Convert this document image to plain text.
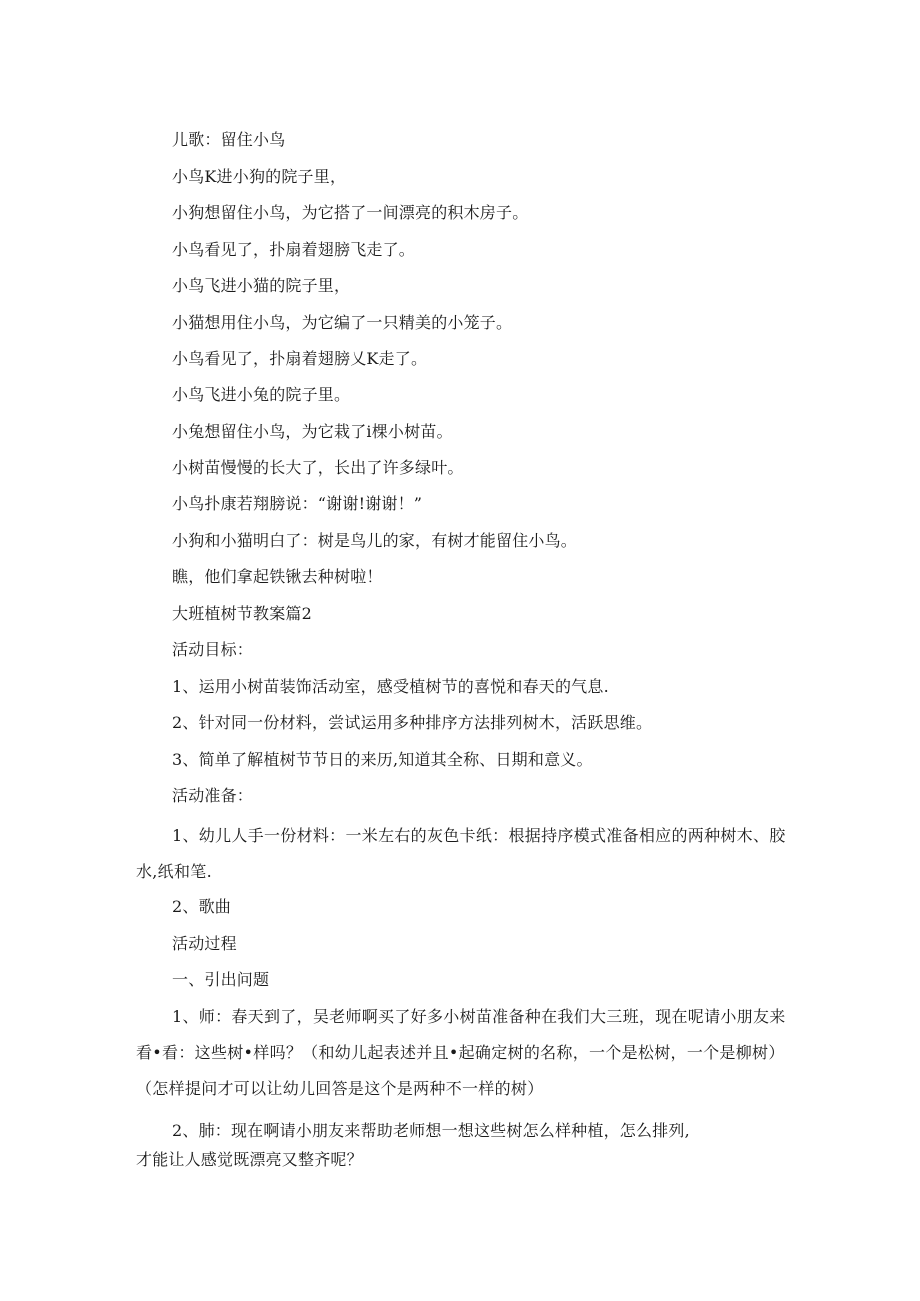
儿歌：留住小鸟
小鸟K进小狗的院子里，
小狗想留住小鸟，为它搭了一间漂亮的积木房子。
小鸟看见了，扑扇着翅膀飞走了。
小鸟飞进小猫的院子里，
小猫想用住小鸟，为它编了一只精美的小笼子。
小鸟看见了，扑扇着翅膀乂K走了。
小鸟飞进小兔的院子里。
小兔想留住小鸟，为它栽了i棵小树苗。
小树苗慢慢的长大了，长出了许多绿叶。
小鸟扑康若翔膀说：“谢谢!谢谢！”
小狗和小猫明白了：树是鸟儿的家，有树才能留住小鸟。
瞧，他们拿起铁锹去种树啦！
大班植树节教案篇2
活动目标：
1、运用小树苗装饰活动室，感受植树节的喜悦和春天的气息.
2、针对同一份材料，尝试运用多种排序方法排列树木，活跃思维。
3、简单了解植树节节日的来历,知道其全称、日期和意义。
活动准备：
1、幼儿人手一份材料：一米左右的灰色卡纸：根据持序模式准备相应的两种树木、胶水,纸和笔.
2、歌曲
活动过程
一、引出问题
1、师：春天到了，吴老师啊买了好多小树苗准备种在我们大三班，现在呢请小朋友来看•看：这些树•样吗？（和幼儿起表述并且•起确定树的名称，一个是松树，一个是柳树）（怎样提问才可以让幼儿回答是这个是两种不一样的树）
2、肺：现在啊请小朋友来帮助老师想一想这些树怎么样种植，怎么排列,
才能让人感觉既漂亮又整齐呢？
